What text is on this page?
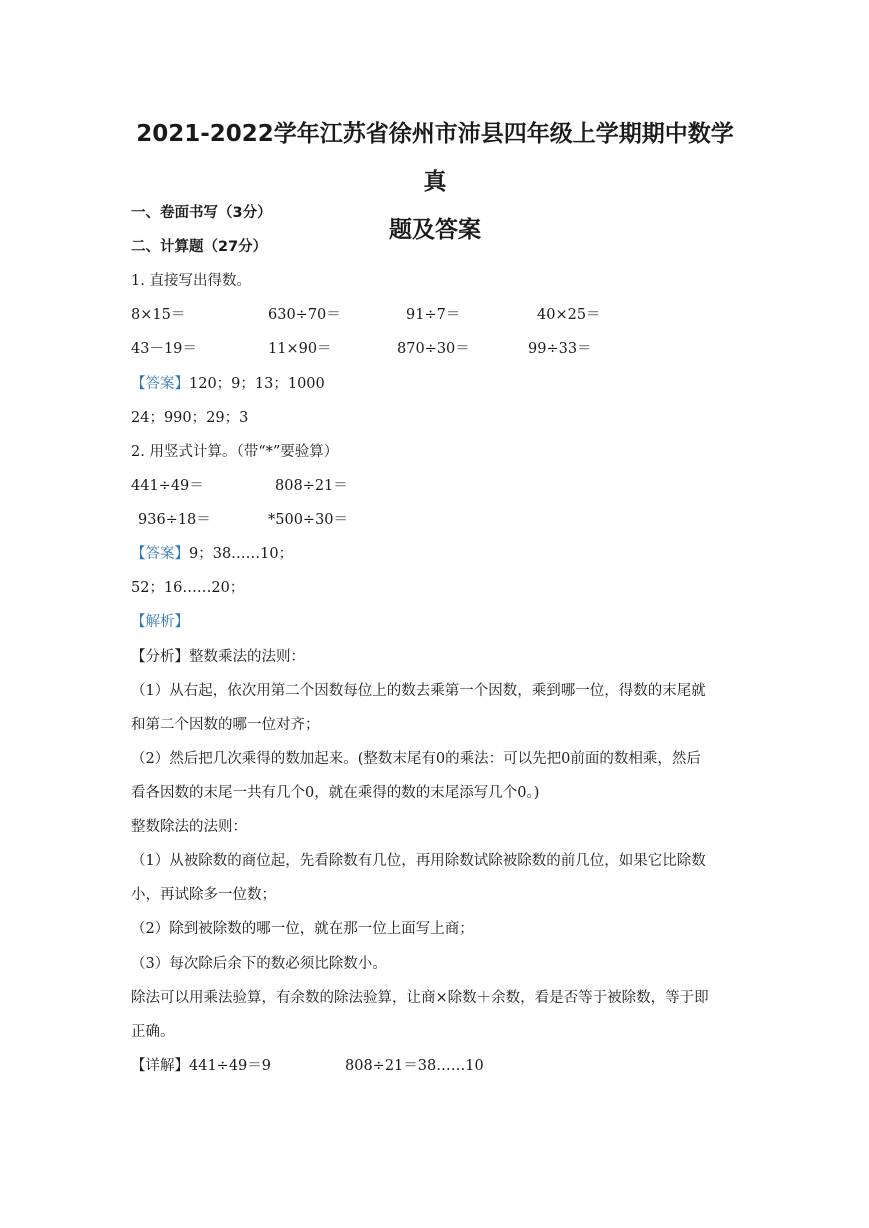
2021-2022学年江苏省徐州市沛县四年级上学期期中数学真
题及答案
一、卷面书写（3分）
二、计算题（27分）
1. 直接写出得数。
8×15＝	630÷70＝	91÷7＝	40×25＝
43－19＝	11×90＝	870÷30＝	99÷33＝
【答案】120；9；13；1000
24；990；29；3
2. 用竖式计算。（带“*”要验算）
441÷49＝	808÷21＝
936÷18＝	*500÷30＝
【答案】9；38……10；
52；16……20；
【解析】
【分析】整数乘法的法则：
（1）从右起，依次用第二个因数每位上的数去乘第一个因数，乘到哪一位，得数的末尾就
和第二个因数的哪一位对齐；
（2）然后把几次乘得的数加起来。(整数末尾有0的乘法：可以先把0前面的数相乘，然后
看各因数的末尾一共有几个0，就在乘得的数的末尾添写几个0。)
整数除法的法则：
（1）从被除数的商位起，先看除数有几位，再用除数试除被除数的前几位，如果它比除数
小，再试除多一位数；
（2）除到被除数的哪一位，就在那一位上面写上商；
（3）每次除后余下的数必须比除数小。
除法可以用乘法验算，有余数的除法验算，让商×除数＋余数，看是否等于被除数，等于即
正确。
【详解】 441÷49＝9	808÷21＝38……10
